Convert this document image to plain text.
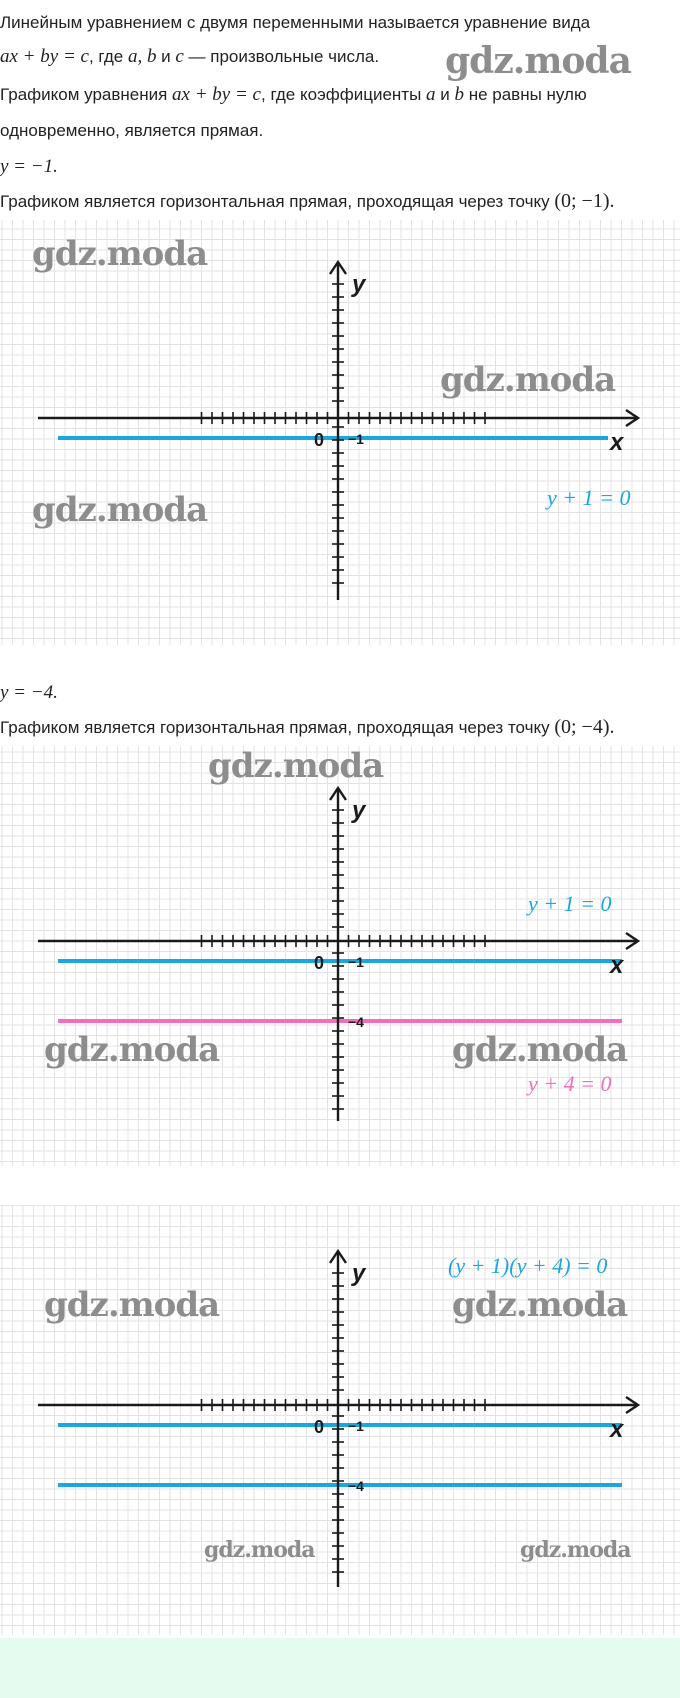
Линейным уравнением с двумя переменными называется уравнение вида
ax + by = c, где a, b и c — произвольные числа. gdz.moda
Графиком уравнения ax + by = c, где коэффициенты a и b не равны нулю
одновременно, является прямая.
y = −1.
Графиком является горизонтальная прямая, проходящая через точку (0; −1).
y + 1 = 0
x
y
0 −1
gdz.moda
gdz.moda
gdz.moda
y = −4.
Графиком является горизонтальная прямая, проходящая через точку (0; −4).
y + 1 = 0
y + 4 = 0
x
y
0 −1
−4
gdz.moda
gdz.moda	gdz.moda
x
y
0 −1
−4
(y + 1)(y + 4) = 0
gdz.moda	gdz.moda
gdz.moda	gdz.moda
